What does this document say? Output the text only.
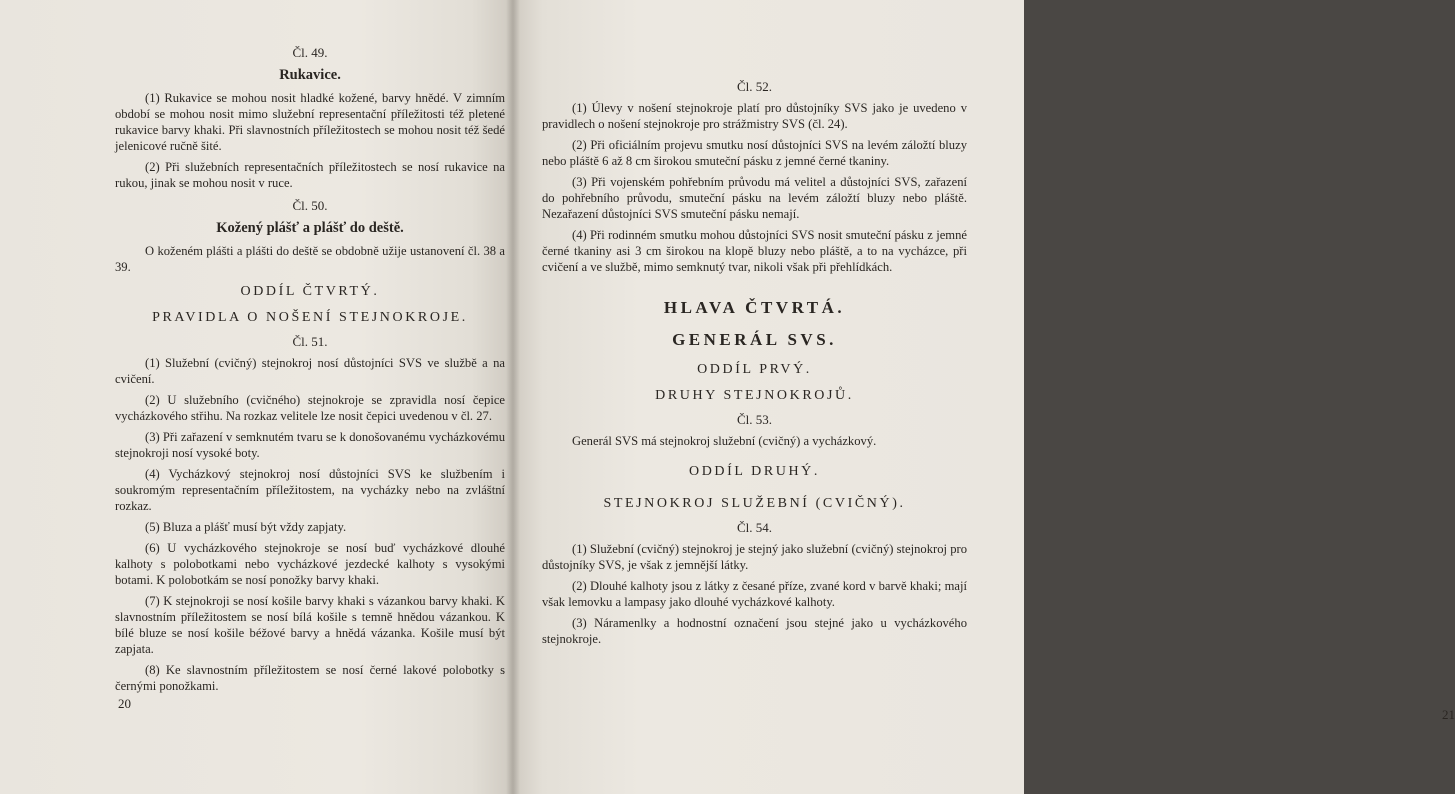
Čl. 49.

Rukavice.

(1) Rukavice se mohou nosit hladké kožené, barvy hnědé. V zimním období se mohou nosit mimo služební representační příležitosti též pletené rukavice barvy khaki. Při slavnostních příležitostech se mohou nosit též šedé jelenicové ručně šité.

(2) Při služebních representačních příležitostech se nosí rukavice na rukou, jinak se mohou nosit v ruce.

Čl. 50.

Kožený plášť a plášť do deště.

O koženém plášti a plášti do deště se obdobně užije ustanovení čl. 38 a 39.

ODDÍL ČTVRTÝ.

PRAVIDLA O NOŠENÍ STEJNOKROJE.

Čl. 51.

(1) Služební (cvičný) stejnokroj nosí důstojníci SVS ve službě a na cvičení.

(2) U služebního (cvičného) stejnokroje se zpravidla nosí čepice vycházkového střihu. Na rozkaz velitele lze nosit čepici uvedenou v čl. 27.

(3) Při zařazení v semknutém tvaru se k donošovanému vycházkovému stejnokroji nosí vysoké boty.

(4) Vycházkový stejnokroj nosí důstojníci SVS ke službením i soukromým representačním příležitostem, na vycházky nebo na zvláštní rozkaz.

(5) Bluza a plášť musí být vždy zapjaty.

(6) U vycházkového stejnokroje se nosí buď vycházkové dlouhé kalhoty s polobotkami nebo vycházkové jezdecké kalhoty s vysokými botami. K polobotkám se nosí ponožky barvy khaki.

(7) K stejnokroji se nosí košile barvy khaki s vázankou barvy khaki. K slavnostním příležitostem se nosí bílá košile s temně hnědou vázankou. K bílé bluze se nosí košile béžové barvy a hnědá vázanka. Košile musí být zapjata.

(8) Ke slavnostním příležitostem se nosí černé lakové polobotky s černými ponožkami.

20

Čl. 52.

(1) Úlevy v nošení stejnokroje platí pro důstojníky SVS jako je uvedeno v pravidlech o nošení stejnokroje pro strážmistry SVS (čl. 24).

(2) Při oficiálním projevu smutku nosí důstojníci SVS na levém záložtí bluzy nebo pláště 6 až 8 cm širokou smuteční pásku z jemné černé tkaniny.

(3) Při vojenském pohřebním průvodu má velitel a důstojníci SVS, zařazení do pohřebního průvodu, smuteční pásku na levém záložtí bluzy nebo pláště. Nezařazení důstojníci SVS smuteční pásku nemají.

(4) Při rodinném smutku mohou důstojníci SVS nosit smuteční pásku z jemné černé tkaniny asi 3 cm širokou na klopě bluzy nebo pláště, a to na vycházce, při cvičení a ve službě, mimo semknutý tvar, nikoli však při přehlídkách.

HLAVA ČTVRTÁ.

GENERÁL SVS.

ODDÍL PRVÝ.

DRUHY STEJNOKROJŮ.

Čl. 53.

Generál SVS má stejnokroj služební (cvičný) a vycházkový.

ODDÍL DRUHÝ.

STEJNOKROJ SLUŽEBNÍ (CVIČNÝ).

Čl. 54.

(1) Služební (cvičný) stejnokroj je stejný jako služební (cvičný) stejnokroj pro důstojníky SVS, je však z jemnější látky.

(2) Dlouhé kalhoty jsou z látky z česané příze, zvané kord v barvě khaki; mají však lemovku a lampasy jako dlouhé vycházkové kalhoty.

(3) Náramenlky a hodnostní označení jsou stejné jako u vycházkového stejnokroje.

21
